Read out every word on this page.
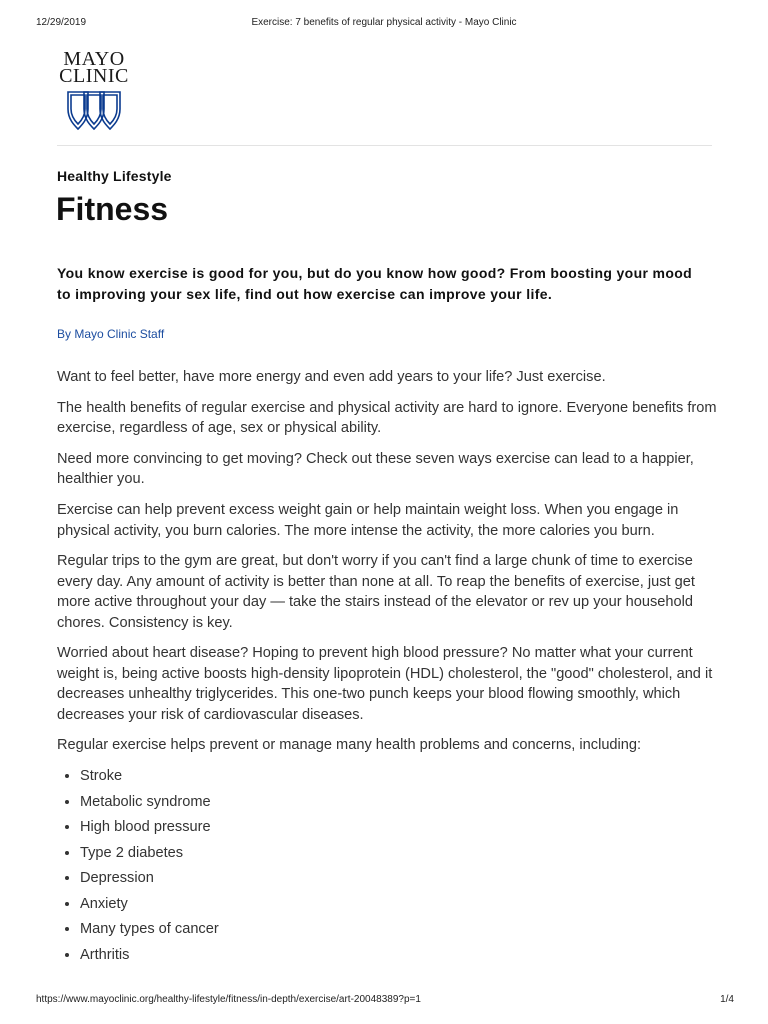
12/29/2019	Exercise: 7 benefits of regular physical activity - Mayo Clinic
MAYO
CLINIC
Healthy Lifestyle
Fitness

You know exercise is good for you, but do you know how good? From boosting your mood to improving your sex life, find out how exercise can improve your life.

By Mayo Clinic Staff

Want to feel better, have more energy and even add years to your life? Just exercise.

The health benefits of regular exercise and physical activity are hard to ignore. Everyone benefits from exercise, regardless of age, sex or physical ability.

Need more convincing to get moving? Check out these seven ways exercise can lead to a happier, healthier you.

Exercise can help prevent excess weight gain or help maintain weight loss. When you engage in physical activity, you burn calories. The more intense the activity, the more calories you burn.

Regular trips to the gym are great, but don't worry if you can't find a large chunk of time to exercise every day. Any amount of activity is better than none at all. To reap the benefits of exercise, just get more active throughout your day — take the stairs instead of the elevator or rev up your household chores. Consistency is key.

Worried about heart disease? Hoping to prevent high blood pressure? No matter what your current weight is, being active boosts high-density lipoprotein (HDL) cholesterol, the "good" cholesterol, and it decreases unhealthy triglycerides. This one-two punch keeps your blood flowing smoothly, which decreases your risk of cardiovascular diseases.

Regular exercise helps prevent or manage many health problems and concerns, including:

• Stroke
• Metabolic syndrome
• High blood pressure
• Type 2 diabetes
• Depression
• Anxiety
• Many types of cancer
• Arthritis
https://www.mayoclinic.org/healthy-lifestyle/fitness/in-depth/exercise/art-20048389?p=1	1/4
